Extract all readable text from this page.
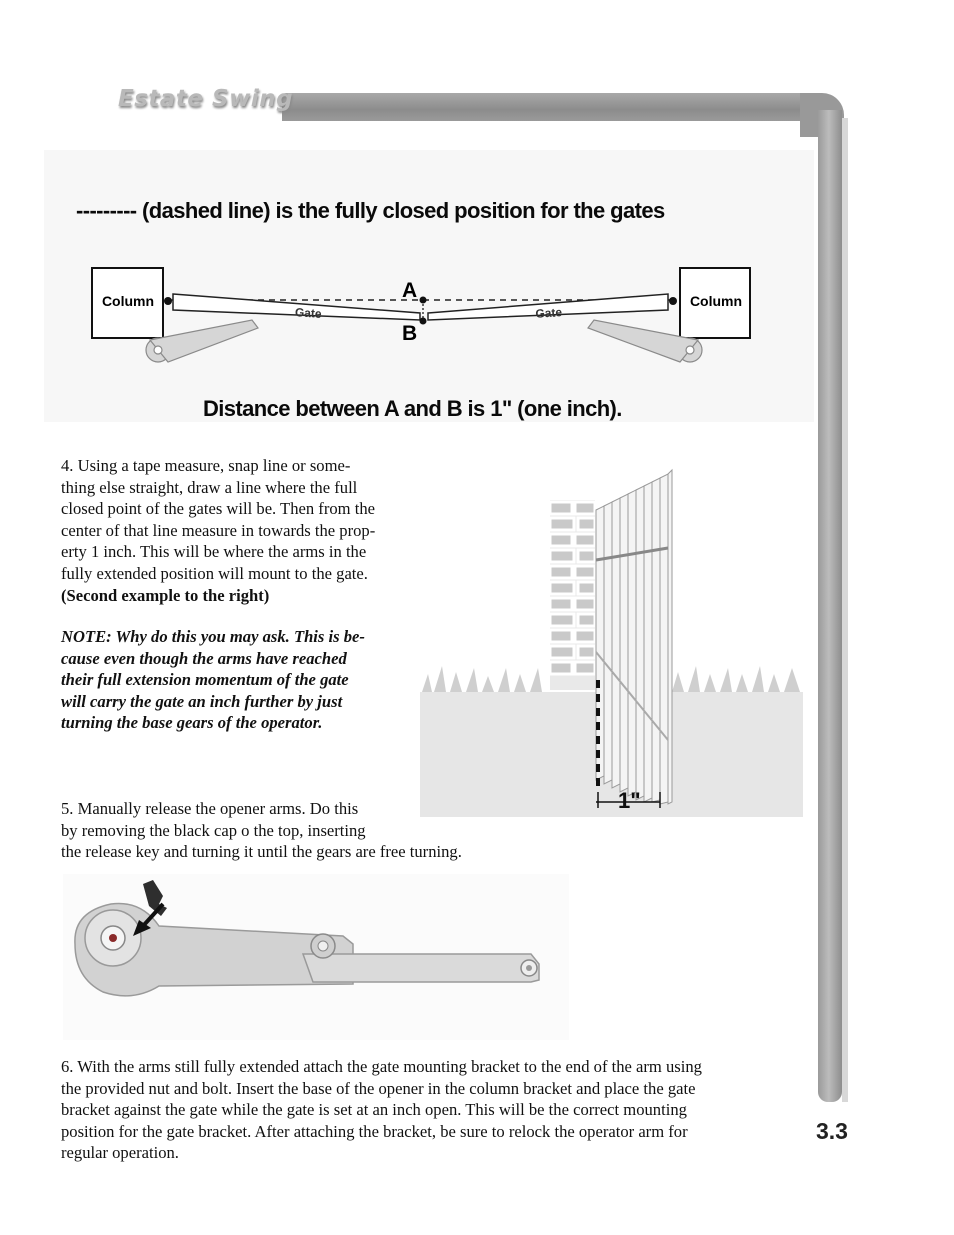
Estate Swing
--------- (dashed line) is the fully closed position for the gates
Column	Column
Gate	Gate
A
B
Distance between A and B is 1" (one inch).
4. Using a tape measure, snap line or some-
thing else straight, draw a line where the full
closed point of the gates will be. Then from the
center of that line measure in towards the prop-
erty 1 inch. This will be where the arms in the
fully extended position will mount to the gate.
(Second example to the right)
NOTE: Why do this you may ask. This is be-
cause even though the arms have reached
their full extension momentum of the gate
will carry the gate an inch further by just
turning the base gears of the operator.
1"
5. Manually release the opener arms. Do this
by removing the black cap o the top, inserting
the release key and turning it until the gears are free turning.
6. With the arms still fully extended attach the gate mounting bracket to the end of the arm using
the provided nut and bolt. Insert the base of the opener in the column bracket and place the gate
bracket against the gate while the gate is set at an inch open. This will be the correct mounting
position for the gate bracket. After attaching the bracket, be sure to relock the operator arm for
regular operation.
3.3
